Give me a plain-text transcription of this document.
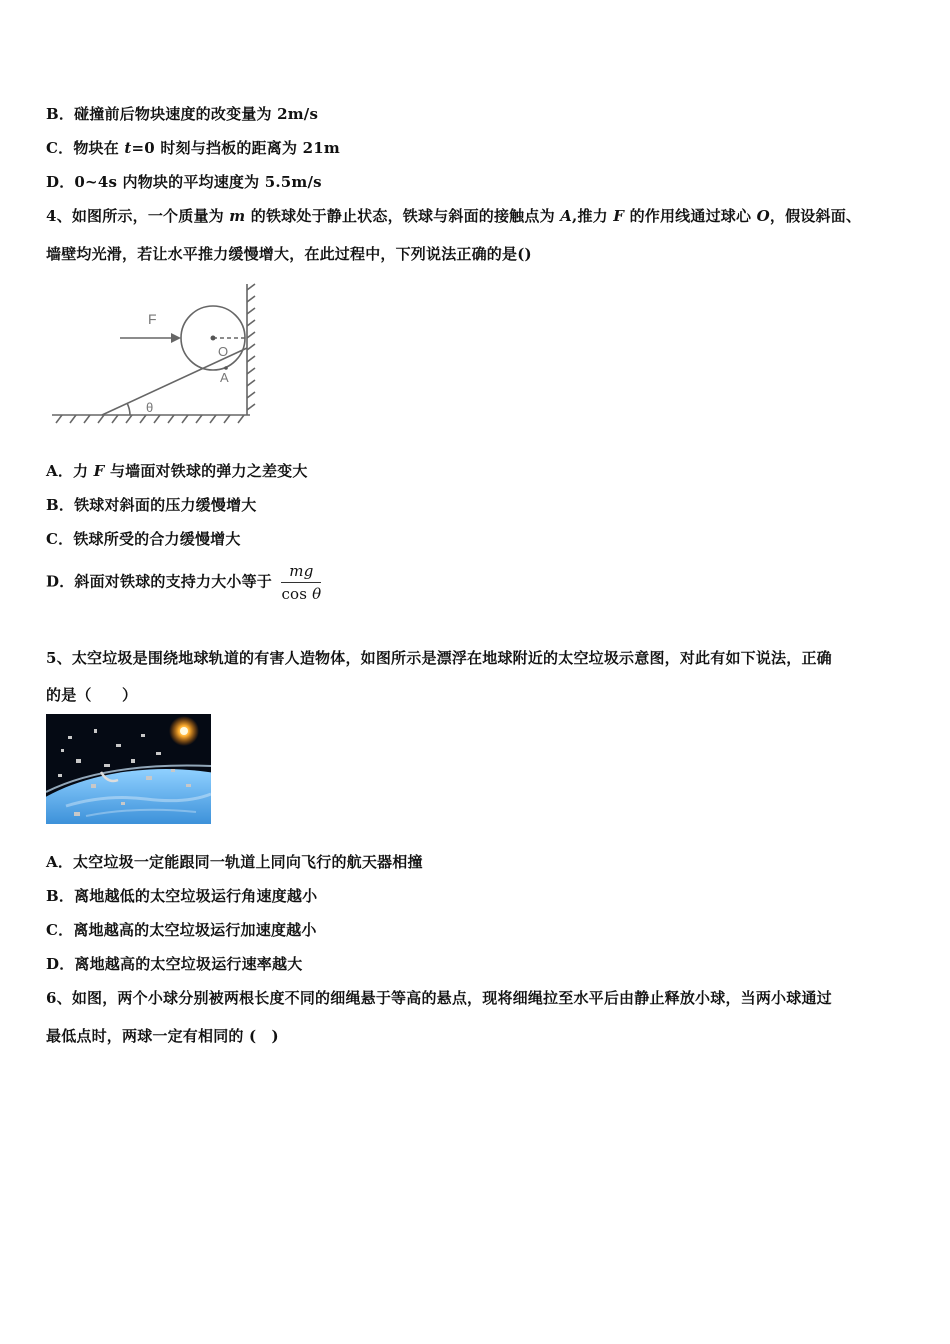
B．碰撞前后物块速度的改变量为 2m/s
C．物块在 t=0 时刻与挡板的距离为 21m
D．0~4s 内物块的平均速度为 5.5m/s
4、如图所示，一个质量为 m 的铁球处于静止状态，铁球与斜面的接触点为 A,推力 F 的作用线通过球心 O，假设斜面、
墙壁均光滑，若让水平推力缓慢增大，在此过程中，下列说法正确的是()
F
O
A
θ
A．力 F 与墙面对铁球的弹力之差变大
B．铁球对斜面的压力缓慢增大
C．铁球所受的合力缓慢增大
D．斜面对铁球的支持力大小等于 $\frac{mg}{\text{cos θ}}$
5、太空垃圾是围绕地球轨道的有害人造物体，如图所示是漂浮在地球附近的太空垃圾示意图，对此有如下说法，正确
的是（　　）
A．太空垃圾一定能跟同一轨道上同向飞行的航天器相撞
B．离地越低的太空垃圾运行角速度越小
C．离地越高的太空垃圾运行加速度越小
D．离地越高的太空垃圾运行速率越大
6、如图，两个小球分别被两根长度不同的细绳悬于等高的悬点，现将细绳拉至水平后由静止释放小球，当两小球通过
最低点时，两球一定有相同的 (　)
